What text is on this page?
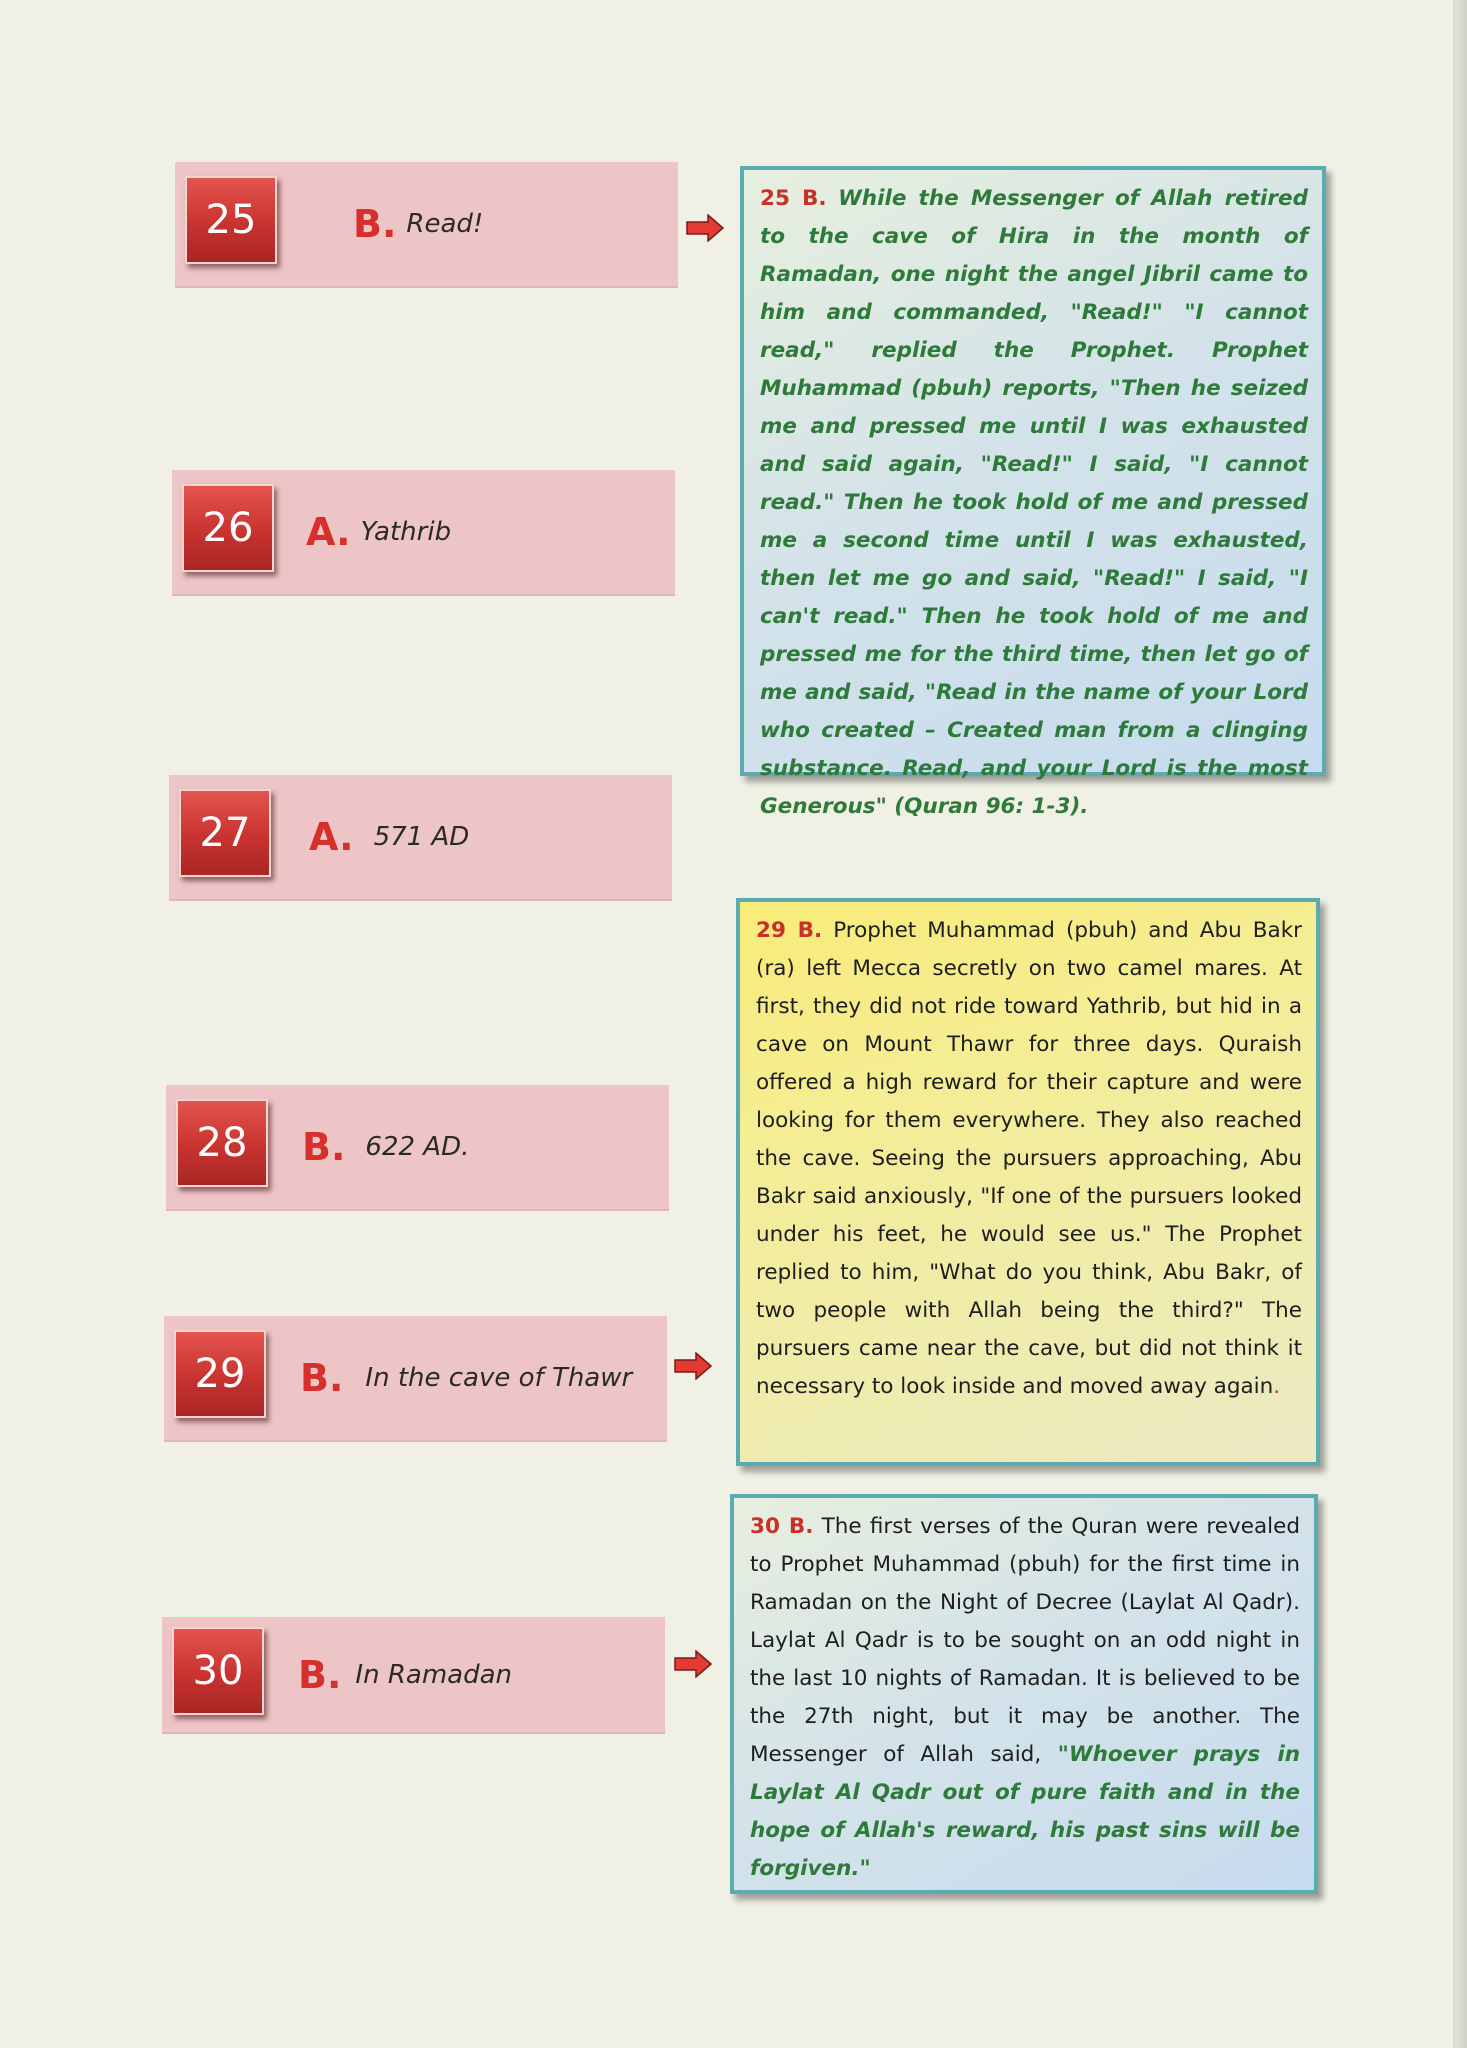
25	B. Read!
26	A. Yathrib
27	A. 571 AD
28	B. 622 AD.
29	B. In the cave of Thawr
30	B. In Ramadan
25 B. While the Messenger of Allah retired to the cave of Hira in the month of Ramadan, one night the angel Jibril came to him and commanded, "Read!" "I cannot read," replied the Prophet. Prophet Muhammad (pbuh) reports, "Then he seized me and pressed me until I was exhausted and said again, "Read!" I said, "I cannot read." Then he took hold of me and pressed me a second time until I was exhausted, then let me go and said, "Read!" I said, "I can't read." Then he took hold of me and pressed me for the third time, then let go of me and said, "Read in the name of your Lord who created – Created man from a clinging substance. Read, and your Lord is the most Generous" (Quran 96: 1-3).
29 B. Prophet Muhammad (pbuh) and Abu Bakr (ra) left Mecca secretly on two camel mares. At first, they did not ride toward Yathrib, but hid in a cave on Mount Thawr for three days. Quraish offered a high reward for their capture and were looking for them everywhere. They also reached the cave. Seeing the pursuers approaching, Abu Bakr said anxiously, "If one of the pursuers looked under his feet, he would see us." The Prophet replied to him, "What do you think, Abu Bakr, of two people with Allah being the third?" The pursuers came near the cave, but did not think it necessary to look inside and moved away again.
30 B. The first verses of the Quran were revealed to Prophet Muhammad (pbuh) for the first time in Ramadan on the Night of Decree (Laylat Al Qadr). Laylat Al Qadr is to be sought on an odd night in the last 10 nights of Ramadan. It is believed to be the 27th night, but it may be another. The Messenger of Allah said, "Whoever prays in Laylat Al Qadr out of pure faith and in the hope of Allah's reward, his past sins will be forgiven."
